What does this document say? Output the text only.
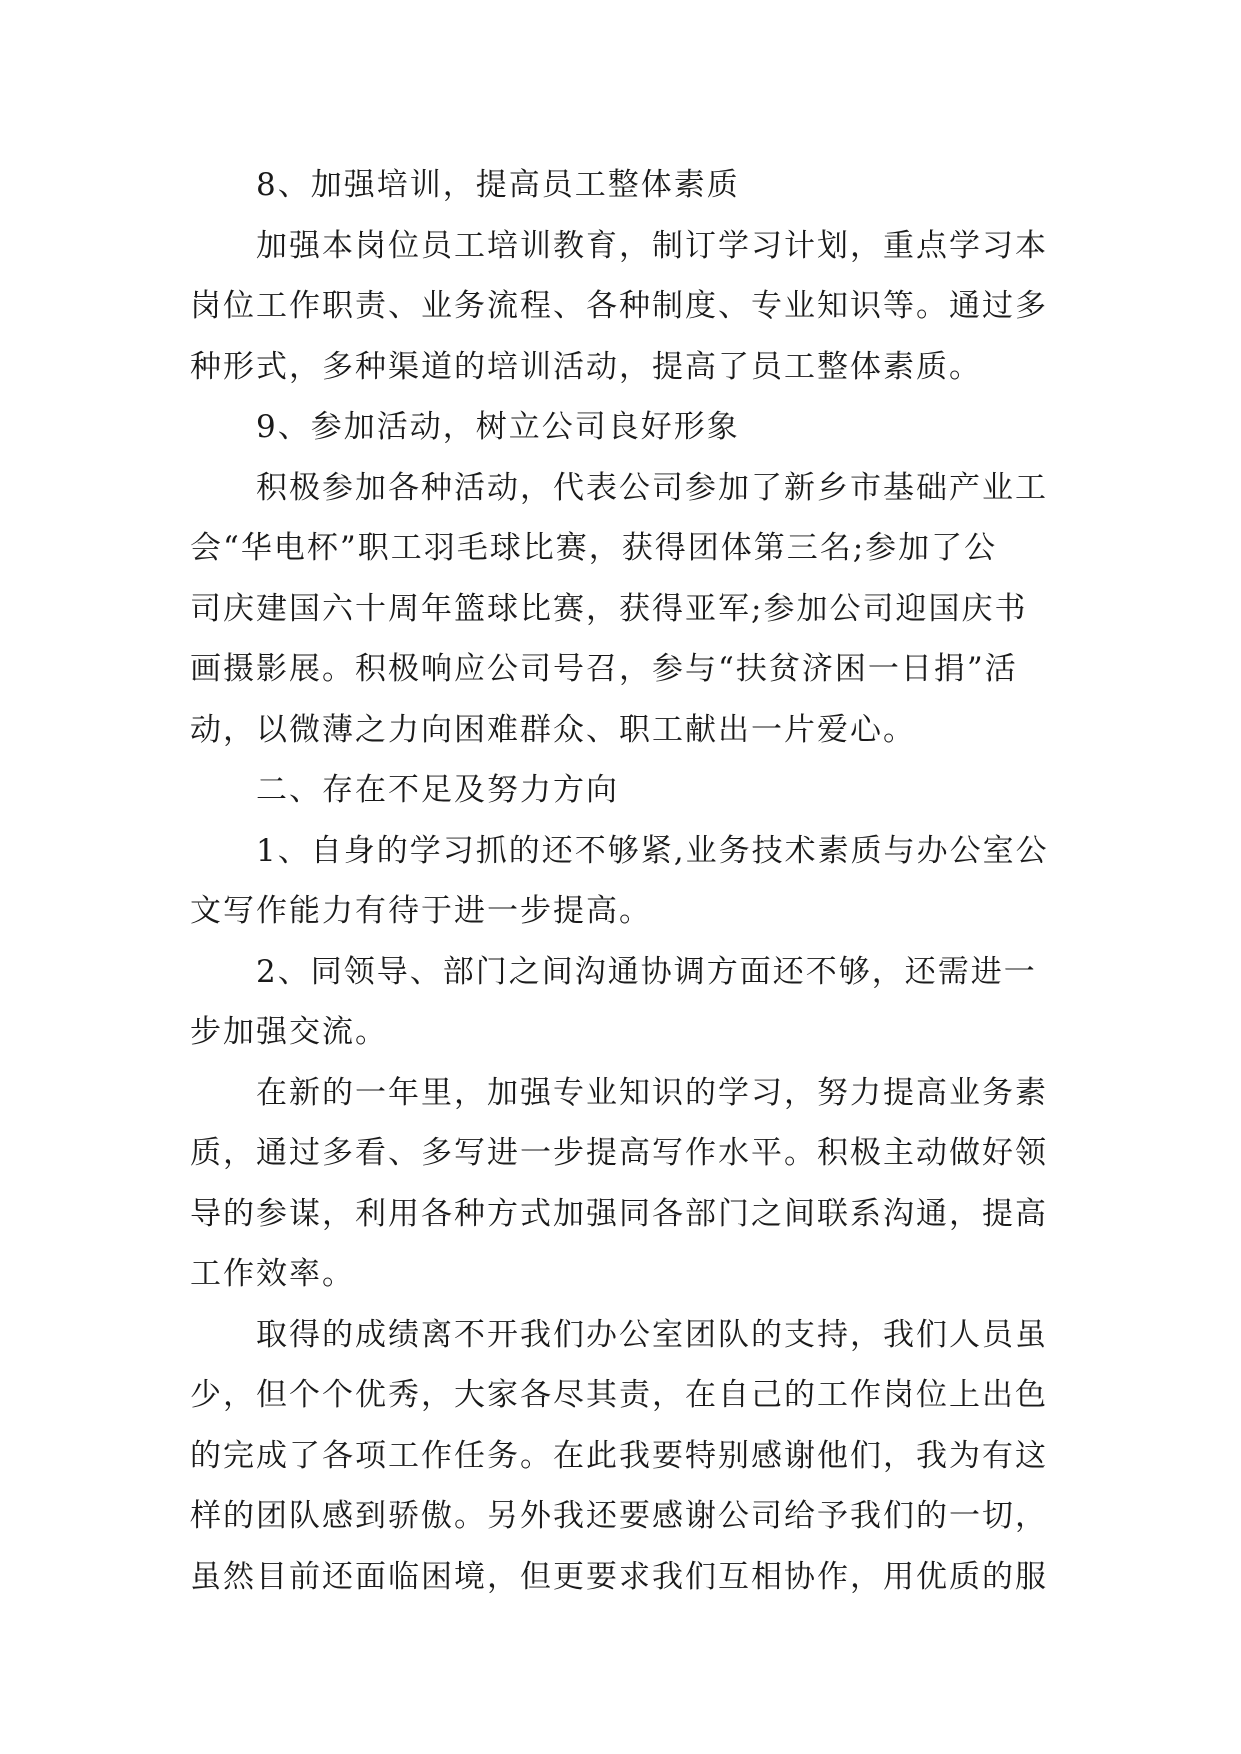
8、加强培训，提高员工整体素质
加强本岗位员工培训教育，制订学习计划，重点学习本
岗位工作职责、业务流程、各种制度、专业知识等。通过多
种形式，多种渠道的培训活动，提高了员工整体素质。
9、参加活动，树立公司良好形象
积极参加各种活动，代表公司参加了新乡市基础产业工
会“华电杯”职工羽毛球比赛，获得团体第三名;参加了公
司庆建国六十周年篮球比赛，获得亚军;参加公司迎国庆书
画摄影展。积极响应公司号召，参与“扶贫济困一日捐”活
动，以微薄之力向困难群众、职工献出一片爱心。
二、存在不足及努力方向
1、自身的学习抓的还不够紧,业务技术素质与办公室公
文写作能力有待于进一步提高。
2、同领导、部门之间沟通协调方面还不够，还需进一
步加强交流。
在新的一年里，加强专业知识的学习，努力提高业务素
质，通过多看、多写进一步提高写作水平。积极主动做好领
导的参谋，利用各种方式加强同各部门之间联系沟通，提高
工作效率。
取得的成绩离不开我们办公室团队的支持，我们人员虽
少，但个个优秀，大家各尽其责，在自己的工作岗位上出色
的完成了各项工作任务。在此我要特别感谢他们，我为有这
样的团队感到骄傲。另外我还要感谢公司给予我们的一切，
虽然目前还面临困境，但更要求我们互相协作，用优质的服
